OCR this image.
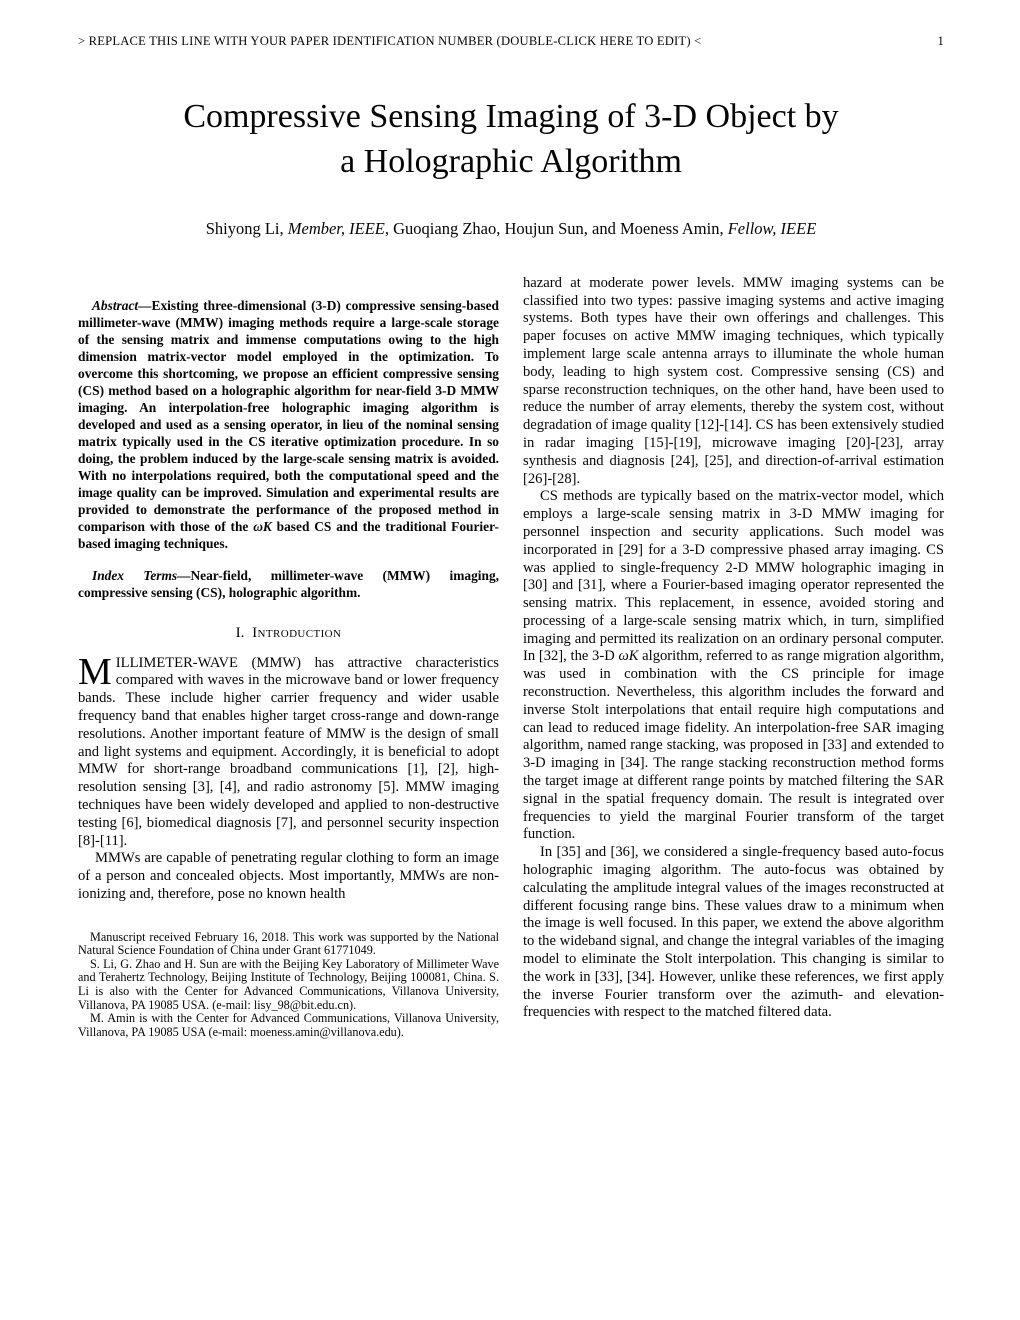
> REPLACE THIS LINE WITH YOUR PAPER IDENTIFICATION NUMBER (DOUBLE-CLICK HERE TO EDIT) <	1
Compressive Sensing Imaging of 3-D Object by
a Holographic Algorithm
Shiyong Li, Member, IEEE, Guoqiang Zhao, Houjun Sun, and Moeness Amin, Fellow, IEEE

Abstract—Existing three-dimensional (3-D) compressive sensing-based millimeter-wave (MMW) imaging methods require a large-scale storage of the sensing matrix and immense computations owing to the high dimension matrix-vector model employed in the optimization. To overcome this shortcoming, we propose an efficient compressive sensing (CS) method based on a holographic algorithm for near-field 3-D MMW imaging. An interpolation-free holographic imaging algorithm is developed and used as a sensing operator, in lieu of the nominal sensing matrix typically used in the CS iterative optimization procedure. In so doing, the problem induced by the large-scale sensing matrix is avoided. With no interpolations required, both the computational speed and the image quality can be improved. Simulation and experimental results are provided to demonstrate the performance of the proposed method in comparison with those of the ωK based CS and the traditional Fourier-based imaging techniques.

Index Terms—Near-field, millimeter-wave (MMW) imaging, compressive sensing (CS), holographic algorithm.

I. Introduction

MILLIMETER-WAVE (MMW) has attractive characteristics compared with waves in the microwave band or lower frequency bands. These include higher carrier frequency and wider usable frequency band that enables higher target cross-range and down-range resolutions. Another important feature of MMW is the design of small and light systems and equipment. Accordingly, it is beneficial to adopt MMW for short-range broadband communications [1], [2], high-resolution sensing [3], [4], and radio astronomy [5]. MMW imaging techniques have been widely developed and applied to non-destructive testing [6], biomedical diagnosis [7], and personnel security inspection [8]-[11].

MMWs are capable of penetrating regular clothing to form an image of a person and concealed objects. Most importantly, MMWs are non-ionizing and, therefore, pose no known health

Manuscript received February 16, 2018. This work was supported by the National Natural Science Foundation of China under Grant 61771049.

S. Li, G. Zhao and H. Sun are with the Beijing Key Laboratory of Millimeter Wave and Terahertz Technology, Beijing Institute of Technology, Beijing 100081, China. S. Li is also with the Center for Advanced Communications, Villanova University, Villanova, PA 19085 USA. (e-mail: lisy_98@bit.edu.cn).

M. Amin is with the Center for Advanced Communications, Villanova University, Villanova, PA 19085 USA (e-mail: moeness.amin@villanova.edu).

hazard at moderate power levels. MMW imaging systems can be classified into two types: passive imaging systems and active imaging systems. Both types have their own offerings and challenges. This paper focuses on active MMW imaging techniques, which typically implement large scale antenna arrays to illuminate the whole human body, leading to high system cost. Compressive sensing (CS) and sparse reconstruction techniques, on the other hand, have been used to reduce the number of array elements, thereby the system cost, without degradation of image quality [12]-[14]. CS has been extensively studied in radar imaging [15]-[19], microwave imaging [20]-[23], array synthesis and diagnosis [24], [25], and direction-of-arrival estimation [26]-[28].

CS methods are typically based on the matrix-vector model, which employs a large-scale sensing matrix in 3-D MMW imaging for personnel inspection and security applications. Such model was incorporated in [29] for a 3-D compressive phased array imaging. CS was applied to single-frequency 2-D MMW holographic imaging in [30] and [31], where a Fourier-based imaging operator represented the sensing matrix. This replacement, in essence, avoided storing and processing of a large-scale sensing matrix which, in turn, simplified imaging and permitted its realization on an ordinary personal computer. In [32], the 3-D ωK algorithm, referred to as range migration algorithm, was used in combination with the CS principle for image reconstruction. Nevertheless, this algorithm includes the forward and inverse Stolt interpolations that entail require high computations and can lead to reduced image fidelity. An interpolation-free SAR imaging algorithm, named range stacking, was proposed in [33] and extended to 3-D imaging in [34]. The range stacking reconstruction method forms the target image at different range points by matched filtering the SAR signal in the spatial frequency domain. The result is integrated over frequencies to yield the marginal Fourier transform of the target function.

In [35] and [36], we considered a single-frequency based auto-focus holographic imaging algorithm. The auto-focus was obtained by calculating the amplitude integral values of the images reconstructed at different focusing range bins. These values draw to a minimum when the image is well focused. In this paper, we extend the above algorithm to the wideband signal, and change the integral variables of the imaging model to eliminate the Stolt interpolation. This changing is similar to the work in [33], [34]. However, unlike these references, we first apply the inverse Fourier transform over the azimuth- and elevation-frequencies with respect to the matched filtered data.
